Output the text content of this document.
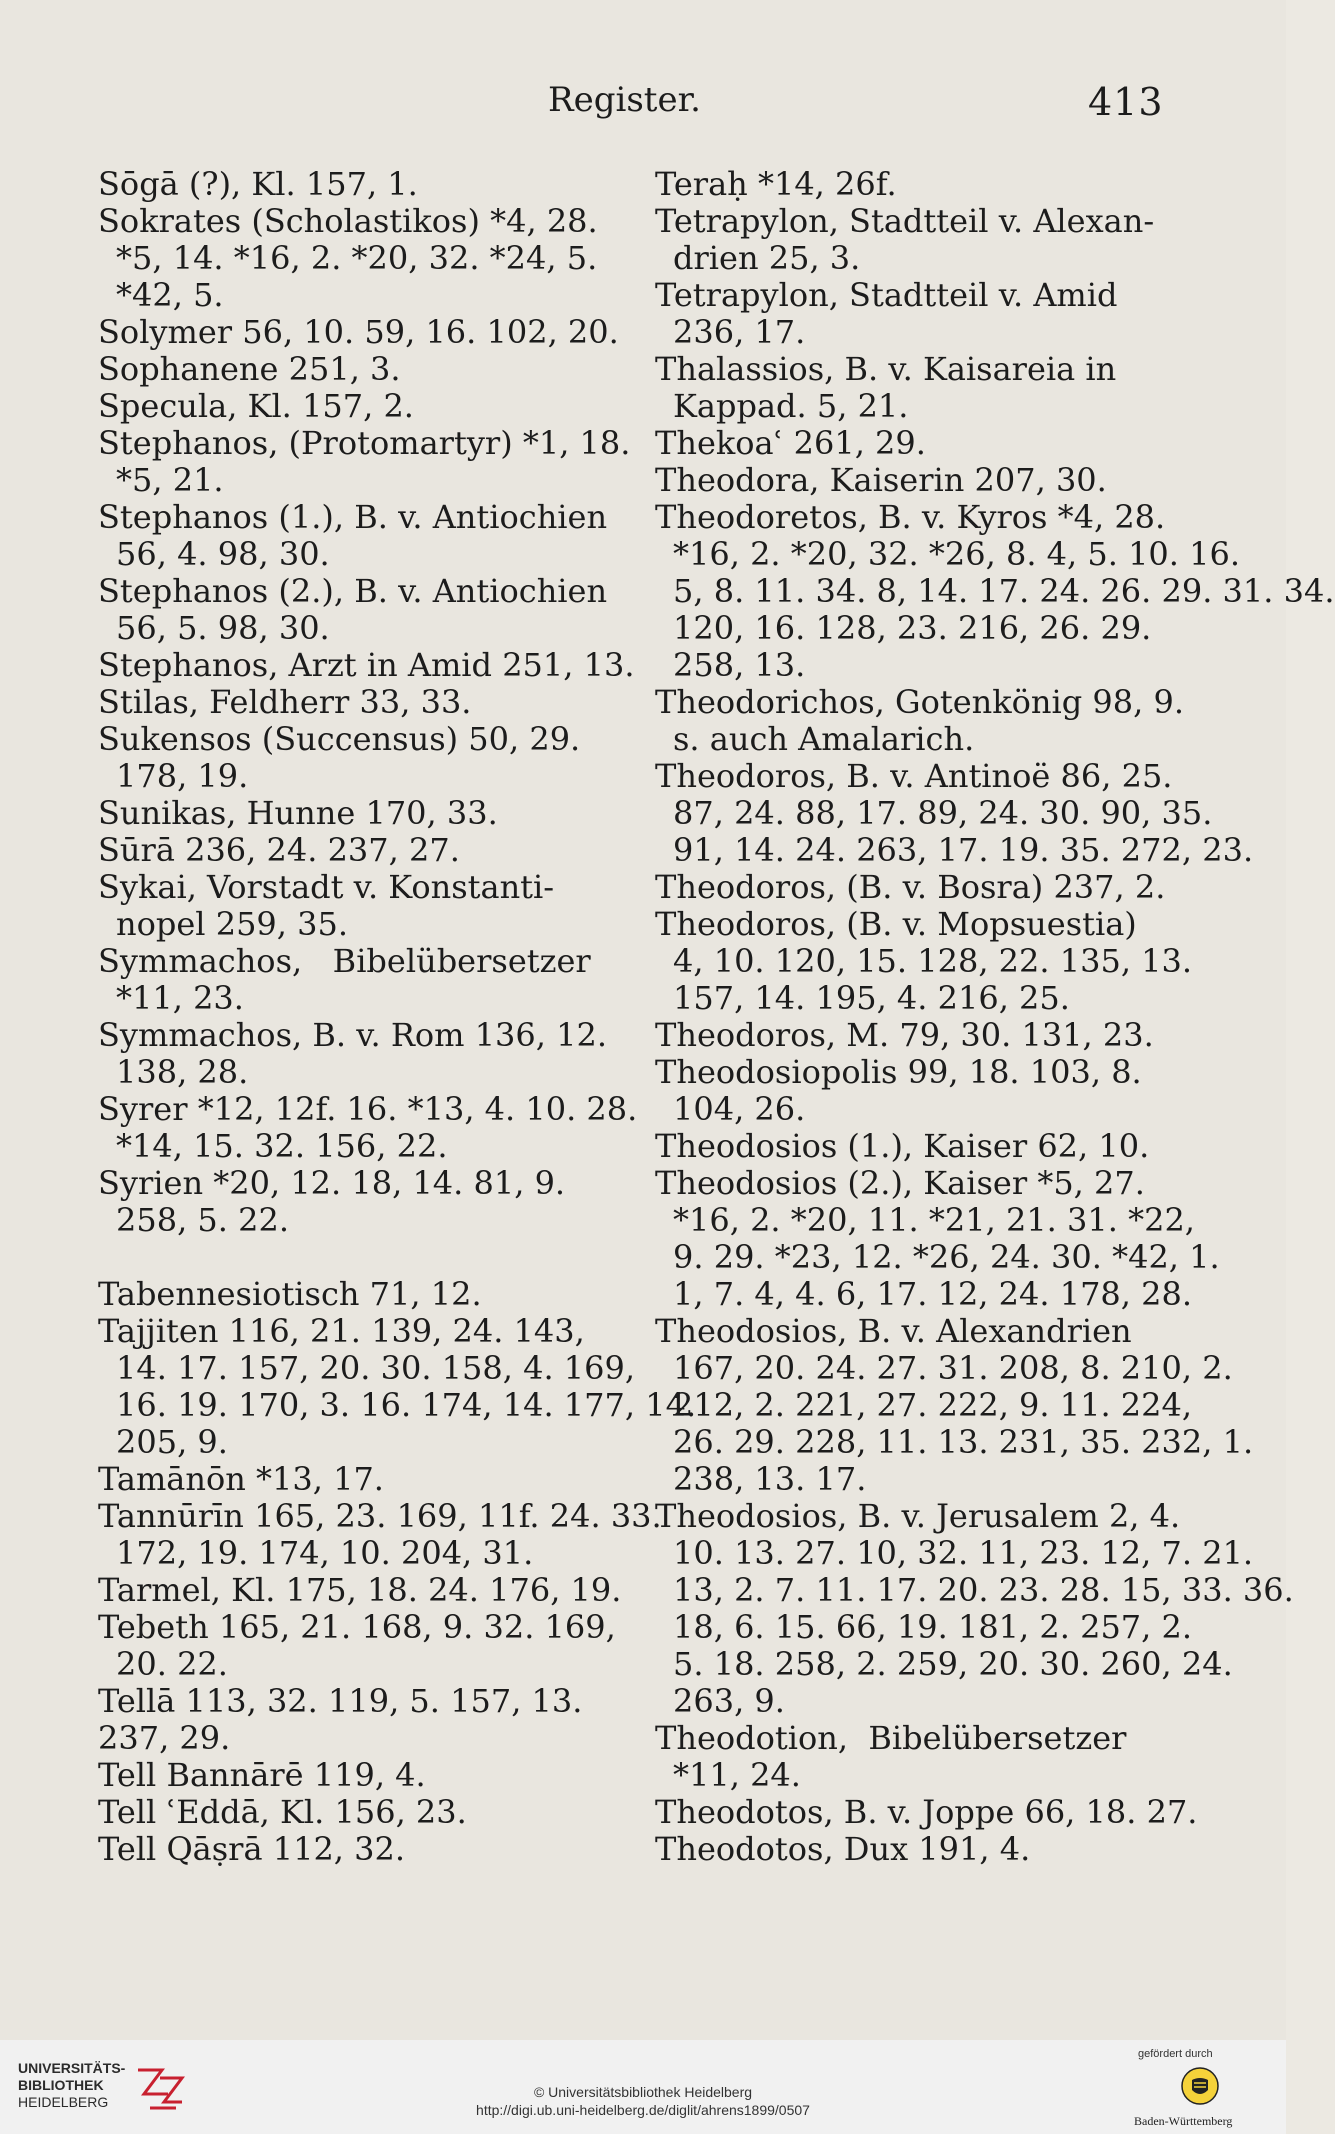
Register.	413
Sōgā (?), Kl. 157, 1.
Sokrates (Scholastikos) *4, 28.
*5, 14. *16, 2. *20, 32. *24, 5.
*42, 5.
Solymer 56, 10. 59, 16. 102, 20.
Sophanene 251, 3.
Specula, Kl. 157, 2.
Stephanos, (Protomartyr) *1, 18.
*5, 21.
Stephanos (1.), B. v. Antiochien
56, 4. 98, 30.
Stephanos (2.), B. v. Antiochien
56, 5. 98, 30.
Stephanos, Arzt in Amid 251, 13.
Stilas, Feldherr 33, 33.
Sukensos (Succensus) 50, 29.
178, 19.
Sunikas, Hunne 170, 33.
Sūrā 236, 24. 237, 27.
Sykai, Vorstadt v. Konstanti-
nopel 259, 35.
Symmachos,   Bibelübersetzer
*11, 23.
Symmachos, B. v. Rom 136, 12.
138, 28.
Syrer *12, 12f. 16. *13, 4. 10. 28.
*14, 15. 32. 156, 22.
Syrien *20, 12. 18, 14. 81, 9.
258, 5. 22.
Tabennesiotisch 71, 12.
Tajjiten 116, 21. 139, 24. 143,
14. 17. 157, 20. 30. 158, 4. 169,
16. 19. 170, 3. 16. 174, 14. 177, 14.
205, 9.
Tamānōn *13, 17.
Tannūrīn 165, 23. 169, 11f. 24. 33.
172, 19. 174, 10. 204, 31.
Tarmel, Kl. 175, 18. 24. 176, 19.
Tebeth 165, 21. 168, 9. 32. 169,
20. 22.
Tellā 113, 32. 119, 5. 157, 13.
237, 29.
Tell Bannārē 119, 4.
Tell ʿEddā, Kl. 156, 23.
Tell Qāṣrā 112, 32.
Teraḥ *14, 26f.
Tetrapylon, Stadtteil v. Alexan-
drien 25, 3.
Tetrapylon, Stadtteil v. Amid
236, 17.
Thalassios, B. v. Kaisareia in
Kappad. 5, 21.
Thekoaʿ 261, 29.
Theodora, Kaiserin 207, 30.
Theodoretos, B. v. Kyros *4, 28.
*16, 2. *20, 32. *26, 8. 4, 5. 10. 16.
5, 8. 11. 34. 8, 14. 17. 24. 26. 29. 31. 34.
120, 16. 128, 23. 216, 26. 29.
258, 13.
Theodorichos, Gotenkönig 98, 9.
s. auch Amalarich.
Theodoros, B. v. Antinoë 86, 25.
87, 24. 88, 17. 89, 24. 30. 90, 35.
91, 14. 24. 263, 17. 19. 35. 272, 23.
Theodoros, (B. v. Bosra) 237, 2.
Theodoros, (B. v. Mopsuestia)
4, 10. 120, 15. 128, 22. 135, 13.
157, 14. 195, 4. 216, 25.
Theodoros, M. 79, 30. 131, 23.
Theodosiopolis 99, 18. 103, 8.
104, 26.
Theodosios (1.), Kaiser 62, 10.
Theodosios (2.), Kaiser *5, 27.
*16, 2. *20, 11. *21, 21. 31. *22,
9. 29. *23, 12. *26, 24. 30. *42, 1.
1, 7. 4, 4. 6, 17. 12, 24. 178, 28.
Theodosios, B. v. Alexandrien
167, 20. 24. 27. 31. 208, 8. 210, 2.
212, 2. 221, 27. 222, 9. 11. 224,
26. 29. 228, 11. 13. 231, 35. 232, 1.
238, 13. 17.
Theodosios, B. v. Jerusalem 2, 4.
10. 13. 27. 10, 32. 11, 23. 12, 7. 21.
13, 2. 7. 11. 17. 20. 23. 28. 15, 33. 36.
18, 6. 15. 66, 19. 181, 2. 257, 2.
5. 18. 258, 2. 259, 20. 30. 260, 24.
263, 9.
Theodotion,  Bibelübersetzer
*11, 24.
Theodotos, B. v. Joppe 66, 18. 27.
Theodotos, Dux 191, 4.
UNIVERSITÄTS-
BIBLIOTHEK
HEIDELBERG
© Universitätsbibliothek Heidelberg
http://digi.ub.uni-heidelberg.de/diglit/ahrens1899/0507
gefördert durch
Baden-Württemberg
